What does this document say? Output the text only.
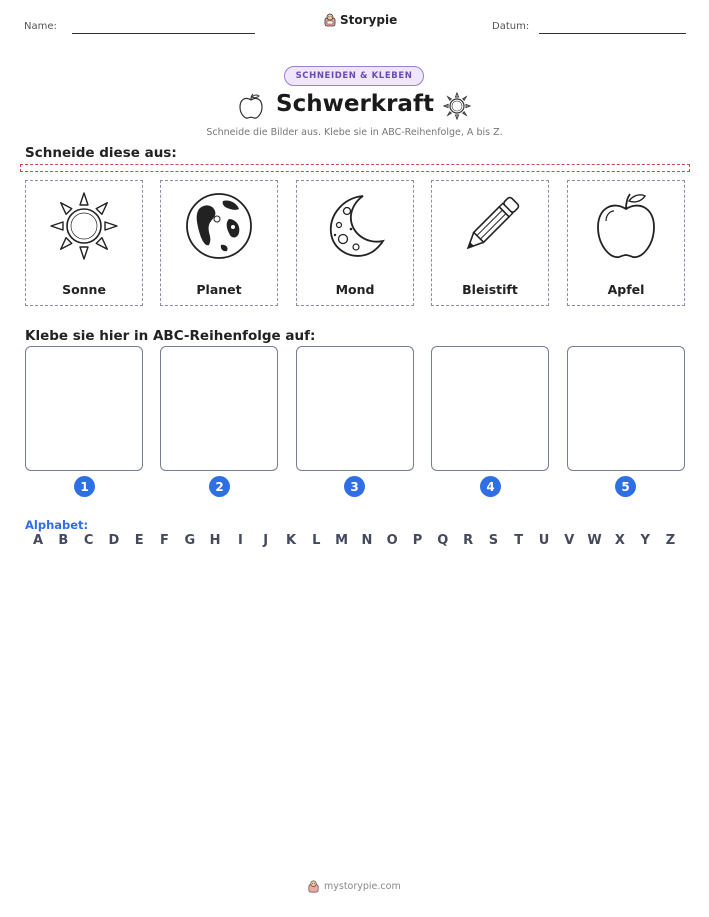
Name:	Storypie	Datum:
SCHNEIDEN & KLEBEN
Schwerkraft
Schneide die Bilder aus. Klebe sie in ABC-Reihenfolge, A bis Z.
Schneide diese aus:
Sonne	Planet	Mond	Bleistift	Apfel
Klebe sie hier in ABC-Reihenfolge auf:
1	2	3	4	5
Alphabet:
A	B	C	D	E	F	G H	I	J	K	L	M N O	P	Q	R	S	T	U	V	W	X	Y	Z
mystorypie.com
